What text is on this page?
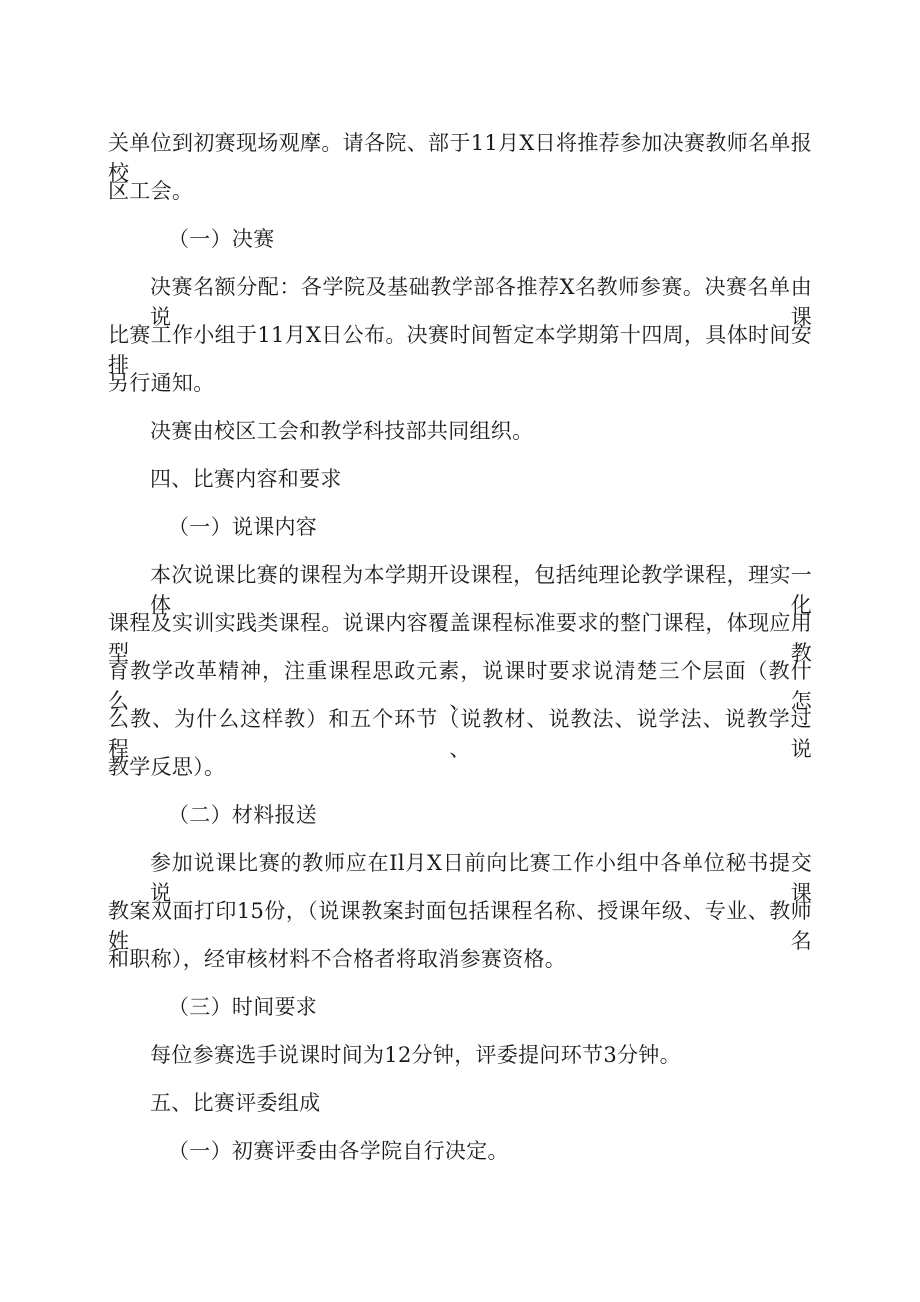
关单位到初赛现场观摩。请各院、部于11月X日将推荐参加决赛教师名单报校
区工会。
（一）决赛
决赛名额分配：各学院及基础教学部各推荐X名教师参赛。决赛名单由说课
比赛工作小组于11月X日公布。决赛时间暂定本学期第十四周，具体时间安排
另行通知。
决赛由校区工会和教学科技部共同组织。
四、比赛内容和要求
（一）说课内容
本次说课比赛的课程为本学期开设课程，包括纯理论教学课程，理实一体化
课程及实训实践类课程。说课内容覆盖课程标准要求的整门课程，体现应用型教
育教学改革精神，注重课程思政元素，说课时要求说清楚三个层面（教什么、怎
么教、为什么这样教）和五个环节（说教材、说教法、说学法、说教学过程、说
教学反思）。
（二）材料报送
参加说课比赛的教师应在Il月X日前向比赛工作小组中各单位秘书提交说课
教案双面打印15份，（说课教案封面包括课程名称、授课年级、专业、教师姓名
和职称），经审核材料不合格者将取消参赛资格。
（三）时间要求
每位参赛选手说课时间为12分钟，评委提问环节3分钟。
五、比赛评委组成
（一）初赛评委由各学院自行决定。
